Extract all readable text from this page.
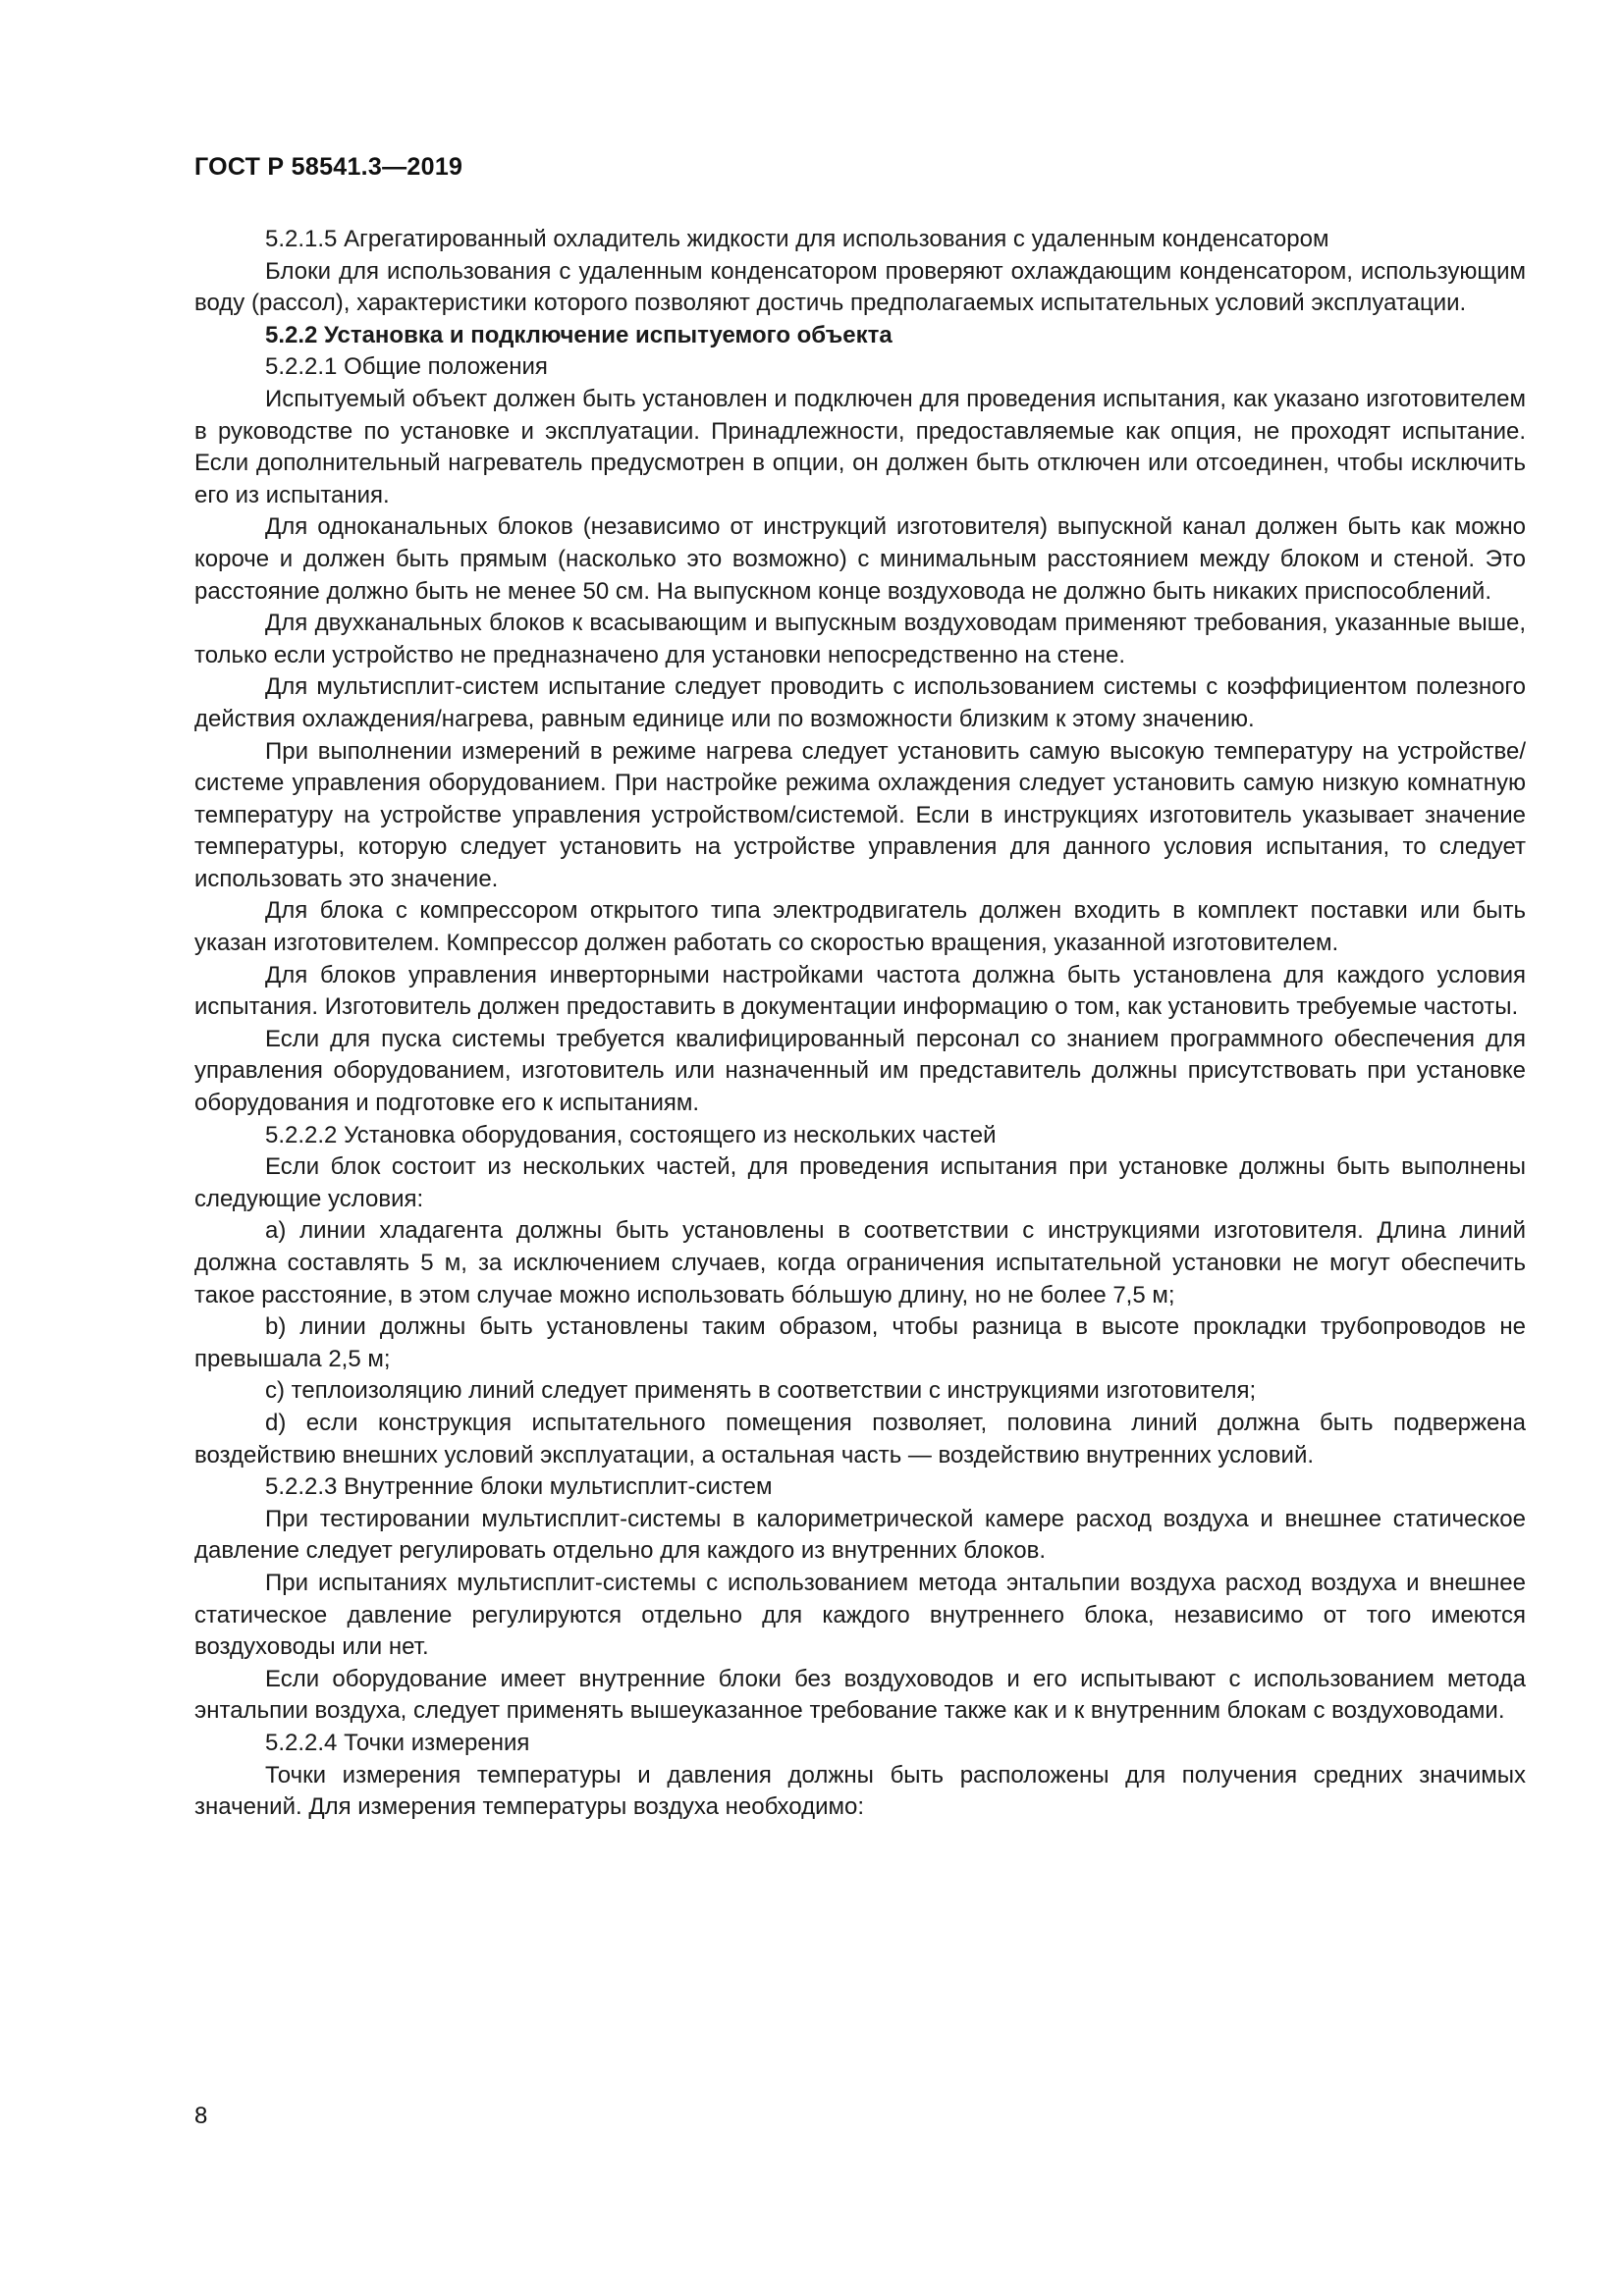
ГОСТ Р 58541.3—2019

5.2.1.5 Агрегатированный охладитель жидкости для использования с удаленным конденсатором

Блоки для использования с удаленным конденсатором проверяют охлаждающим конденсатором, использующим воду (рассол), характеристики которого позволяют достичь предполагаемых испытательных условий эксплуатации.

5.2.2 Установка и подключение испытуемого объекта

5.2.2.1 Общие положения

Испытуемый объект должен быть установлен и подключен для проведения испытания, как указано изготовителем в руководстве по установке и эксплуатации. Принадлежности, предоставляемые как опция, не проходят испытание. Если дополнительный нагреватель предусмотрен в опции, он должен быть отключен или отсоединен, чтобы исключить его из испытания.

Для одноканальных блоков (независимо от инструкций изготовителя) выпускной канал должен быть как можно короче и должен быть прямым (насколько это возможно) с минимальным расстоянием между блоком и стеной. Это расстояние должно быть не менее 50 см. На выпускном конце воздуховода не должно быть никаких приспособлений.

Для двухканальных блоков к всасывающим и выпускным воздуховодам применяют требования, указанные выше, только если устройство не предназначено для установки непосредственно на стене.

Для мультисплит-систем испытание следует проводить с использованием системы с коэффициентом полезного действия охлаждения/нагрева, равным единице или по возможности близким к этому значению.

При выполнении измерений в режиме нагрева следует установить самую высокую температуру на устройстве/системе управления оборудованием. При настройке режима охлаждения следует установить самую низкую комнатную температуру на устройстве управления устройством/системой. Если в инструкциях изготовитель указывает значение температуры, которую следует установить на устройстве управления для данного условия испытания, то следует использовать это значение.

Для блока с компрессором открытого типа электродвигатель должен входить в комплект поставки или быть указан изготовителем. Компрессор должен работать со скоростью вращения, указанной изготовителем.

Для блоков управления инверторными настройками частота должна быть установлена для каждого условия испытания. Изготовитель должен предоставить в документации информацию о том, как установить требуемые частоты.

Если для пуска системы требуется квалифицированный персонал со знанием программного обеспечения для управления оборудованием, изготовитель или назначенный им представитель должны присутствовать при установке оборудования и подготовке его к испытаниям.

5.2.2.2 Установка оборудования, состоящего из нескольких частей

Если блок состоит из нескольких частей, для проведения испытания при установке должны быть выполнены следующие условия:

a) линии хладагента должны быть установлены в соответствии с инструкциями изготовителя. Длина линий должна составлять 5 м, за исключением случаев, когда ограничения испытательной установки не могут обеспечить такое расстояние, в этом случае можно использовать бóльшую длину, но не более 7,5 м;

b) линии должны быть установлены таким образом, чтобы разница в высоте прокладки трубопроводов не превышала 2,5 м;

c) теплоизоляцию линий следует применять в соответствии с инструкциями изготовителя;

d) если конструкция испытательного помещения позволяет, половина линий должна быть подвержена воздействию внешних условий эксплуатации, а остальная часть — воздействию внутренних условий.

5.2.2.3 Внутренние блоки мультисплит-систем

При тестировании мультисплит-системы в калориметрической камере расход воздуха и внешнее статическое давление следует регулировать отдельно для каждого из внутренних блоков.

При испытаниях мультисплит-системы с использованием метода энтальпии воздуха расход воздуха и внешнее статическое давление регулируются отдельно для каждого внутреннего блока, независимо от того имеются воздуховоды или нет.

Если оборудование имеет внутренние блоки без воздуховодов и его испытывают с использованием метода энтальпии воздуха, следует применять вышеуказанное требование также как и к внутренним блокам с воздуховодами.

5.2.2.4 Точки измерения

Точки измерения температуры и давления должны быть расположены для получения средних значимых значений. Для измерения температуры воздуха необходимо:

8
